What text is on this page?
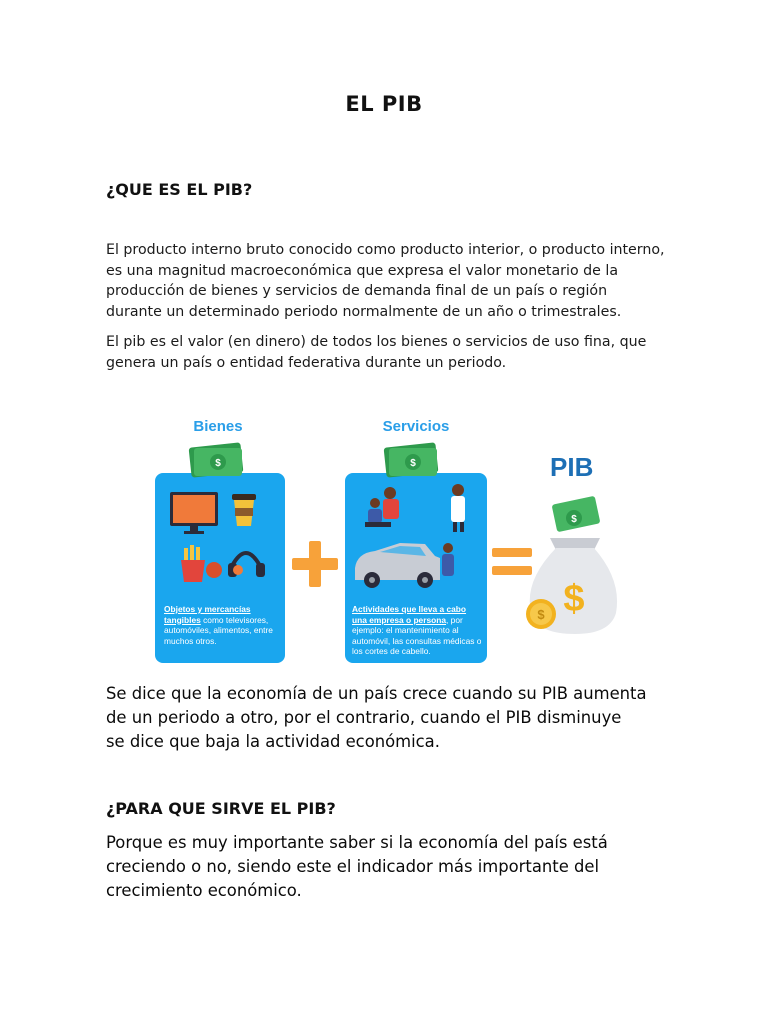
EL PIB
¿QUE ES EL PIB?
El producto interno bruto conocido como producto interior, o producto interno, es una magnitud macroeconómica que expresa el valor monetario de la producción de bienes y servicios de demanda final de un país o región durante un determinado periodo normalmente de un año o trimestrales.
El pib es el valor (en dinero) de todos los bienes o servicios de uso fina, que genera un país o entidad federativa durante un periodo.
$	$
$
$
$
Bienes	Servicios
PIB
Objetos y mercancías tangibles como televisores, automóviles, alimentos, entre muchos otros.
Actividades que lleva a cabo una empresa o persona, por ejemplo: el mantenimiento al automóvil, las consultas médicas o los cortes de cabello.
Se dice que la economía de un país crece cuando su PIB aumenta de un periodo a otro, por el contrario, cuando el PIB disminuye      se dice que baja la actividad económica.
¿PARA QUE SIRVE EL PIB?
Porque es muy importante saber si la economía del país está creciendo o no, siendo este el indicador más importante del crecimiento económico.
